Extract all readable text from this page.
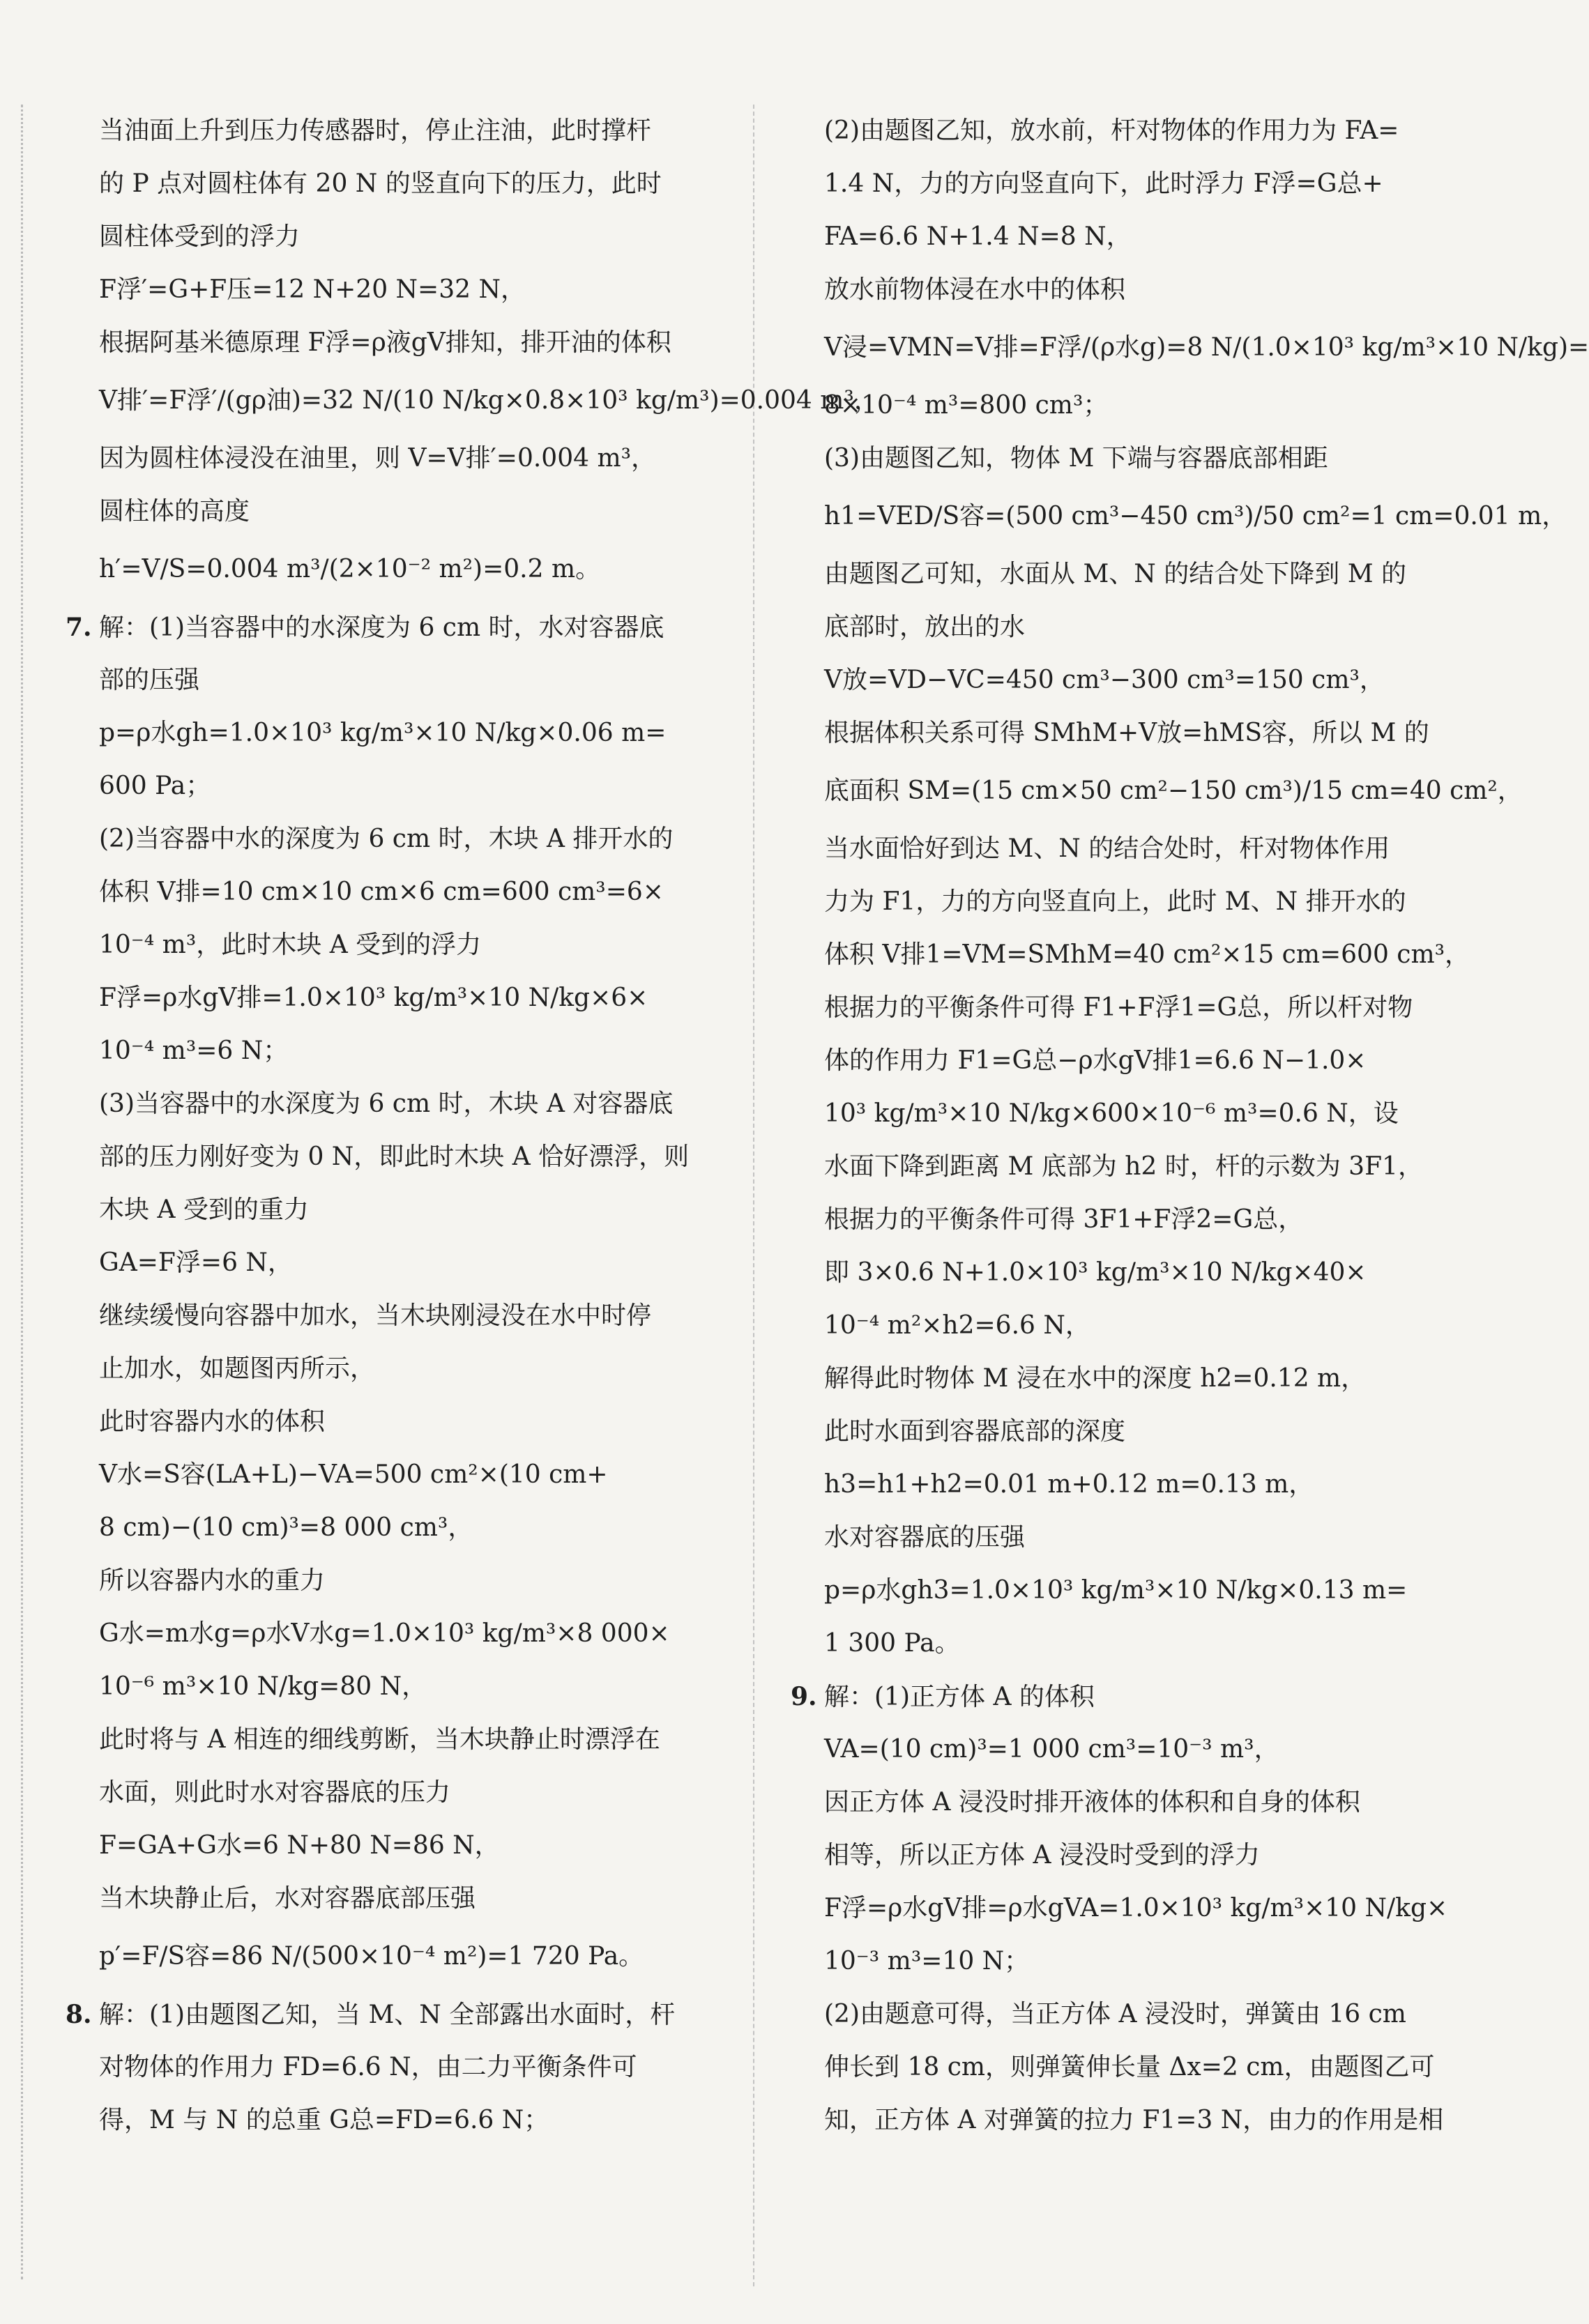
当油面上升到压力传感器时，停止注油，此时撑杆
的 P 点对圆柱体有 20 N 的竖直向下的压力，此时
圆柱体受到的浮力
F浮′=G+F压=12 N+20 N=32 N，
根据阿基米德原理 F浮=ρ液gV排知，排开油的体积
V排′=F浮′/(gρ油)=32 N/(10 N/kg×0.8×10³ kg/m³)=0.004 m³，
因为圆柱体浸没在油里，则 V=V排′=0.004 m³，
圆柱体的高度
h′=V/S=0.004 m³/(2×10⁻² m²)=0.2 m。
7. 解：(1)当容器中的水深度为 6 cm 时，水对容器底
部的压强
p=ρ水gh=1.0×10³ kg/m³×10 N/kg×0.06 m=
600 Pa；
(2)当容器中水的深度为 6 cm 时，木块 A 排开水的
体积 V排=10 cm×10 cm×6 cm=600 cm³=6×
10⁻⁴ m³，此时木块 A 受到的浮力
F浮=ρ水gV排=1.0×10³ kg/m³×10 N/kg×6×
10⁻⁴ m³=6 N；
(3)当容器中的水深度为 6 cm 时，木块 A 对容器底
部的压力刚好变为 0 N，即此时木块 A 恰好漂浮，则
木块 A 受到的重力
GA=F浮=6 N，
继续缓慢向容器中加水，当木块刚浸没在水中时停
止加水，如题图丙所示，
此时容器内水的体积
V水=S容(LA+L)−VA=500 cm²×(10 cm+
8 cm)−(10 cm)³=8 000 cm³，
所以容器内水的重力
G水=m水g=ρ水V水g=1.0×10³ kg/m³×8 000×
10⁻⁶ m³×10 N/kg=80 N，
此时将与 A 相连的细线剪断，当木块静止时漂浮在
水面，则此时水对容器底的压力
F=GA+G水=6 N+80 N=86 N，
当木块静止后，水对容器底部压强
p′=F/S容=86 N/(500×10⁻⁴ m²)=1 720 Pa。
8. 解：(1)由题图乙知，当 M、N 全部露出水面时，杆
对物体的作用力 FD=6.6 N，由二力平衡条件可
得，M 与 N 的总重 G总=FD=6.6 N；
(2)由题图乙知，放水前，杆对物体的作用力为 FA=
1.4 N，力的方向竖直向下，此时浮力 F浮=G总+
FA=6.6 N+1.4 N=8 N，
放水前物体浸在水中的体积
V浸=VMN=V排=F浮/(ρ水g)=8 N/(1.0×10³ kg/m³×10 N/kg)=
8×10⁻⁴ m³=800 cm³；
(3)由题图乙知，物体 M 下端与容器底部相距
h1=VED/S容=(500 cm³−450 cm³)/50 cm²=1 cm=0.01 m，
由题图乙可知，水面从 M、N 的结合处下降到 M 的
底部时，放出的水
V放=VD−VC=450 cm³−300 cm³=150 cm³，
根据体积关系可得 SMhM+V放=hMS容，所以 M 的
底面积 SM=(15 cm×50 cm²−150 cm³)/15 cm=40 cm²，
当水面恰好到达 M、N 的结合处时，杆对物体作用
力为 F1，力的方向竖直向上，此时 M、N 排开水的
体积 V排1=VM=SMhM=40 cm²×15 cm=600 cm³，
根据力的平衡条件可得 F1+F浮1=G总，所以杆对物
体的作用力 F1=G总−ρ水gV排1=6.6 N−1.0×
10³ kg/m³×10 N/kg×600×10⁻⁶ m³=0.6 N，设
水面下降到距离 M 底部为 h2 时，杆的示数为 3F1，
根据力的平衡条件可得 3F1+F浮2=G总，
即 3×0.6 N+1.0×10³ kg/m³×10 N/kg×40×
10⁻⁴ m²×h2=6.6 N，
解得此时物体 M 浸在水中的深度 h2=0.12 m，
此时水面到容器底部的深度
h3=h1+h2=0.01 m+0.12 m=0.13 m，
水对容器底的压强
p=ρ水gh3=1.0×10³ kg/m³×10 N/kg×0.13 m=
1 300 Pa。
9. 解：(1)正方体 A 的体积
VA=(10 cm)³=1 000 cm³=10⁻³ m³，
因正方体 A 浸没时排开液体的体积和自身的体积
相等，所以正方体 A 浸没时受到的浮力
F浮=ρ水gV排=ρ水gVA=1.0×10³ kg/m³×10 N/kg×
10⁻³ m³=10 N；
(2)由题意可得，当正方体 A 浸没时，弹簧由 16 cm
伸长到 18 cm，则弹簧伸长量 Δx=2 cm，由题图乙可
知，正方体 A 对弹簧的拉力 F1=3 N，由力的作用是相
